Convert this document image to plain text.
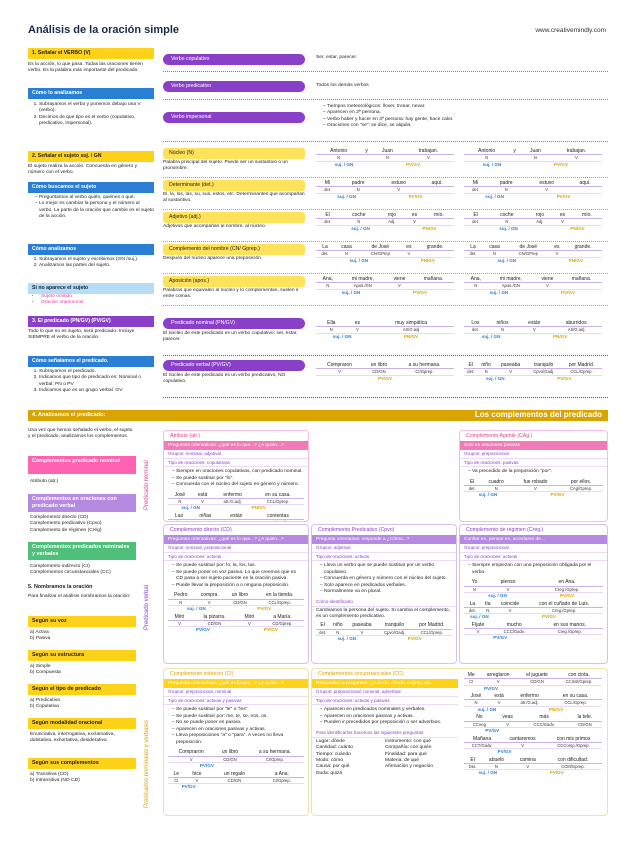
Análisis de la oración simple	www.creativemindly.com
1. Señalar el VERBO (V)
Es la acción, lo que pasa. Todas las oraciones tienen verbo. Es la palabra más importante del predicado.
Cómo lo analizamos
1. Subrayamos el verbo y ponemos debajo una V (verbo).
2. Decimos de que tipo es el verbo (copulativo, predicativo, impersonal).
2. Señalar el sujeto suj. / GN
El sujeto realiza la acción. Concuerda en género y número con el verbo.
Cómo buscamos el sujeto
– Preguntamos al verbo quién, quiénes o qué.
– Lo mejor es cambiar la persona y el número al verbo. La parte de la oración que cambie es el sujeto de la acción.
Cómo analizamos
1. Subrayamos el sujeto y escribimos (GN /suj.).
2. Analizamos las partes del sujeto.
Si no aparece el sujeto
• Sujeto omitido
• Oración impersonal
3. El predicado (PN/GV) (PV/GV)
Todo lo que no es sujeto, será predicado. Incluye SIEMPRE el verbo de la oración.
Cómo señalamos el predicado.
1. Subrayamos el predicado.
2. Indicamos que tipo de predicado es: Nominal o verbal: PN o PV
3. Indicamos que es un grupo verbal. GV
Verbo copulativo	Ser, estar, parecer.
Verbo predicativo	Todos los demás verbos
Verbo impersonal
– Tiempos meteorológicos: llover, tronar, nevar.
– Aparecen en 3ª persona.
– Verbo haber y hacer en 3ª persona: hay gente, hace calor.
– Oraciones con "se": se dice, se alquila.
Núcleo (N)
Palabra principal del sujeto. Puede ser un sustantivo o un pronombre.
Antonio	y	Juan	trabajan.
N		N	V
suj. / GN		PV/GV	
Antonio	y	Juan	trabajan.
N		N	V
suj. / GN		PV/GV	
Determinante (det.)
El, la, los, las, su, sus, estos, etc. Determinantes que acompañan al sustantivo.
Mi	padre	estuvo	aquí.
det.	N	V	
suj. / GN		PV/GV	
Mi	padre	estuvo	aquí.
det.	N	V	
suj. / GN		PV/GV	
Adjetivo (adj.)
Adjetivos que acompañan al nombre, al núcleo.
El	coche	rojo	es	mío.
det.	N	Adj.	V	
suj. / GN			PN/GV	
El	coche	rojo	es	mío.
det.	N	Adj.	V	
suj. / GN			PN/GV	
Complemento del nombre (CN/ Gprep.)
Después del núcleo aparece una preposición.
La	casa	de José	es	grande.
det.	N	CN/GPrep	V	
suj. / GN			PN/GV	
La	casa	de José	es	grande.
det.	N	CN/GPrep	V	
suj. / GN			PN/GV	
Aposición (apos.)
Palabras que equivalen al núcleo y lo complementan, suelen ir entre comas.
Ana,	mi madre,	viene	mañana.
N	Apos./GN	V	
suj. / GN		PV/GV	
Ana,	mi madre,	viene	mañana.
N	Apos./GN	V	
suj. / GN		PV/GV	
Predicado nominal (PN/GV)
El núcleo de este predicado es un verbo copulativo: ser, estar, parecer.
Ella	es	muy simpática
N	V	Atr/G.adj
suj. / GN		PN/GV
Los	niños	están	aburridos
det.	N	V	Atr/G.adj
suj. / GN		PN/GV	
Predicado verbal (PV/GV)
El núcleo de este predicado es un verbo predicativo, NO copulativo.
Compraron	un libro	a su hermana.
V	CD/GN	CI/Gprep.
PV/GV		
El	niño	paseaba	tranquilo	por Madrid.
det.	N	V	Cpvo/Gadj.	CCL/Gprep.
suj. / GN			PV/GV	
4. Analizamos el predicado:	Los complementos del predicado
Una vez que hemos señalado el verbo, el sujeto y el predicado, analizamos los complementos.
Complementos predicado nominal
Atributo (atr.)
Complementos en oraciones con predicado verbal
Complemento directo (CD)
Complemento predicativo (Cpvo)
Complemento de régimen (Crég)
Complementos predicados nominales y verbales
Complemento indirecto (CI)
Complementos circunstanciales (CC)
5. Nombramos la oración
Para finalizar el análisis nombramos la oración:
Según su voz
a) Activa
b) Pasiva
Según su estructura
a) Simple
b) Compuesta
Según el tipo de predicado
a) Predicativa
b) Copulativa
Según modalidad oracional
Enunciativa, interrogativa, exclamativa, dubitativa, exhortativa, desiderativa
Según sus complementos
a) Transitiva (CD)
b) Intransitiva (NO CD)
Predicado nominal
Predicado verbal
Predicados nominales y verbales
Atributo (atr.)
Preguntas orientativas: ¿qué es lo que...? ¿A quién...?
Grupos: nominal, adjetival
Tipo de oraciones: copulativas
– Siempre en oraciones copulativas, con predicado nominal.
– Se puede sustituir por "lo".
– Concuerda con el núcleo del sujeto en género y número.
José	está	enfermo	en su casa.
N	V	atr./G.adj.	CCL/Gprep.
suj. / GN		PN/GV	
Las	niñas	están	contentas

Complemento Agente (CAg.)
Solo en oraciones pasivas
Grupos: preposicional
Tipo de oraciones: pasivas
– Va precedido de la preposición "por".
El	cuadro	fue robado	por ellos.
det.	N	V	CAg/Gprep.
suj. / GN		PV/GV	
Complemento directo (CD)
Preguntas orientativas: ¿qué es lo que...? ¿A quién...?
Grupos: nominal, preposicional
Tipo de oraciones: activas
– Se puede sustituir por: lo, la, los, las.
– Se puede poner en voz pasiva. Lo que creemos que es CD pasa a ser sujeto paciente en la oración pasiva.
– Puede llevar la preposición a o ninguna preposición.
Pedro	compra	un libro	en la tienda.
N	V	CD/GN	CCL/Gprep.
suj. / GN		PV/GV	
Miró	la pizarra.	Miró	a María.
V	CD/GN	V	CD/Gprep.
PV/GV		PV/GV	
Complemento Predicativo (Cpvo)
Pregunta orientativa: responde a ¿Cómo...?
Grupos: adjetival
Tipo de oraciones: activas
– Lleva un verbo que se puede sustituir por un verbo copulativo.
– Concuerda en género y número con el núcleo del sujeto.
– Solo aparece en predicados verbales.
– Normalmente va en plural.
Cómo identificarlo
Cambiamos la persona del sujeto. Si cambia el complemento, es un complemento predicativo.
El	niño	paseaba	tranquilo	por Madrid.
det.	N	V	Cpvo/Gadj.	CCL/Gprep.
suj. / GN			PV/GV	
Complemento de régimen (Creg.)
Confiar en, pensar en, acordarse de...
Grupos: preposicional
Tipo de oraciones: activas
– Siempre empiezan con una preposición obligada por el verbo.
Yo	pienso	en Ana.
N	V	Creg./Gprep.
suj. / GN		PV/GV
La	tía	coincide	con el cuñado de Luis.
det.	N	V	Creg./Gprep.
suj. / GN		PV/GV	
Fíjate	mucho	en sus manos.
V	CCC/Gadv.	Creg./Gprep.
PV/GV		
Complemento indirecto (CI)
Preguntas orientativas: ¿qué es lo que...? ¿A quién...?
Grupos: preposicional, nominal
Tipo de oraciones: activas y pasivas
– Se puede sustituir por "le" o "les".
– Se puede sustituir por: me, te, se, nos, os.
– No se puede poner en pasiva.
– Aparecen en oraciones pasivas y activas.
– Lleva preposiciones "a" o "para". A veces no lleva preposición.
Compraron	un libro	a su hermana.
V	CD/GN	CI/Gprep.
PV/GV		
Le	hice	un regalo	a Ana.
CI	V	CD/GN	CI/Gprep.
PV/GV			
Complementos circunstanciales (CC)
Responden a preguntas: ¿cuándo, dónde, cuánto, etc.
Grupos: preposicional, nominal, adverbial.
Tipo de oraciones: activas y pasivas
– Aparecen en predicados nominales y verbales.
– Aparecen en oraciones pasivas y activas.
– Pueden ir precedidos por preposición o ser adverbios.
Para identificarlos hacemos las siguientes preguntas:
Lugar: dónde	Instrumento: con qué
Cantidad: cuánto	Compañía: con quién
Tiempo: cuándo	Finalidad: para qué
Modo: cómo	Materia: de qué
Causa: por qué	Afirmación y negación
Duda: quizá
Me	arreglaron	el juguete	con cinta.
CI	V	CD/GN	CCInst/Gprep.
PV/GV			
José	está	enfermo	en su casa.
N	V	atr./G.adj.	CCL/Gprep.
suj. / GN		PN/GV	
No	veas	más	la tele.
CCneg	V	CCC/Gadv.	CD/GN
PV/GV			
Mañana	cantaremos	con mis primos
CCT/Gadv.	V	CCComp./Gprep.
PV/GV		
El	abuelo	camina	con dificultad.
Det.	N	V	CCM/Gprep.
suj. / GN		PV/GV	
